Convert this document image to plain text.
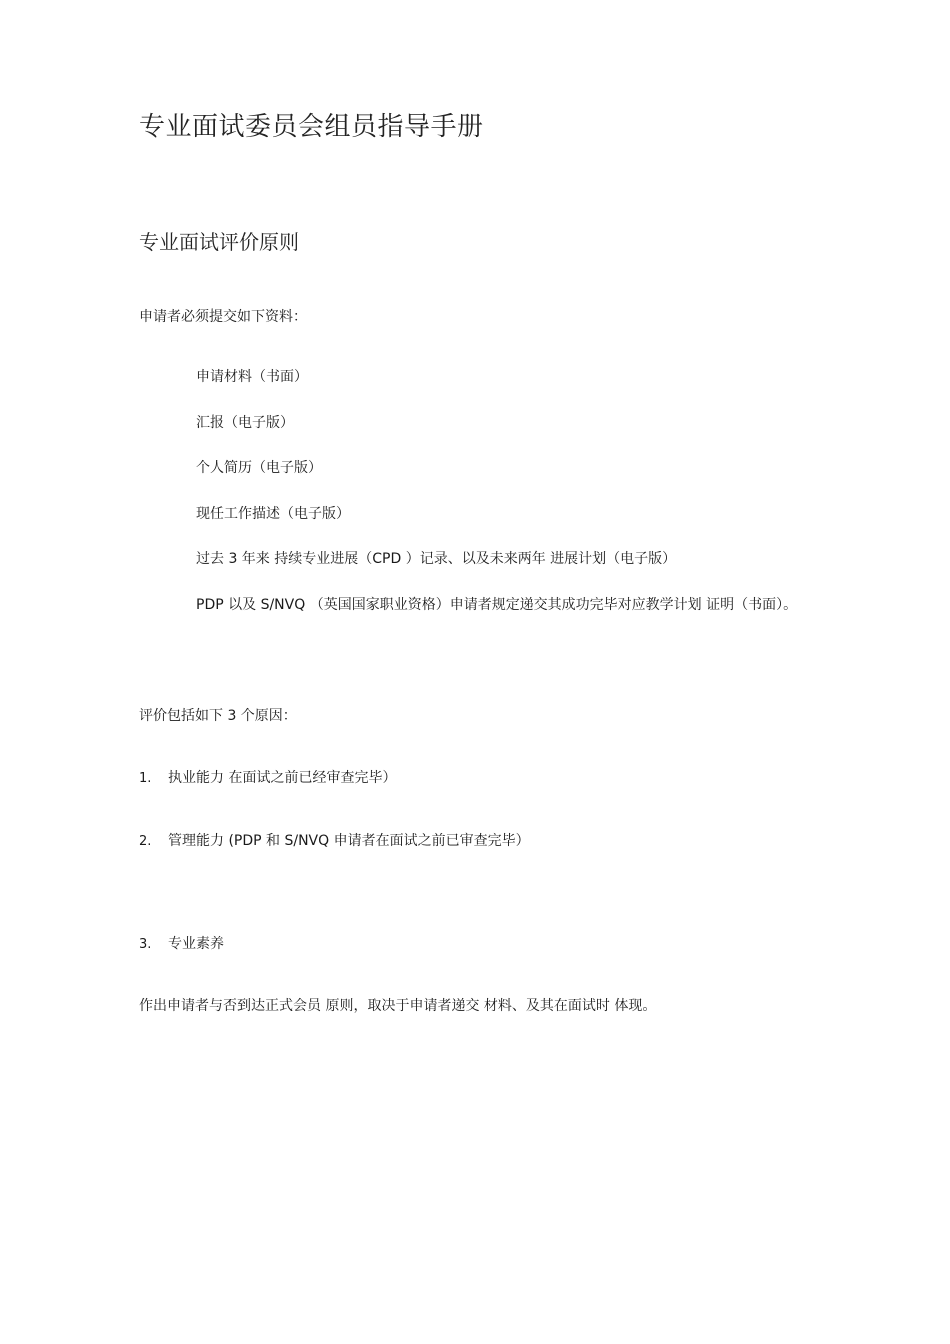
专业面试委员会组员指导手册
专业面试评价原则

申请者必须提交如下资料：

申请材料（书面）
汇报（电子版）
个人简历（电子版）
现任工作描述（电子版）
过去 3 年来 持续专业进展（CPD ）记录、以及未来两年 进展计划（电子版）
PDP 以及 S/NVQ （英国国家职业资格）申请者规定递交其成功完毕对应教学计划 证明（书面）。

评价包括如下 3 个原因：

1. 执业能力 在面试之前已经审查完毕）

2. 管理能力 (PDP 和 S/NVQ 申请者在面试之前已审查完毕）

3. 专业素养

作出申请者与否到达正式会员 原则，取决于申请者递交 材料、及其在面试时 体现。
